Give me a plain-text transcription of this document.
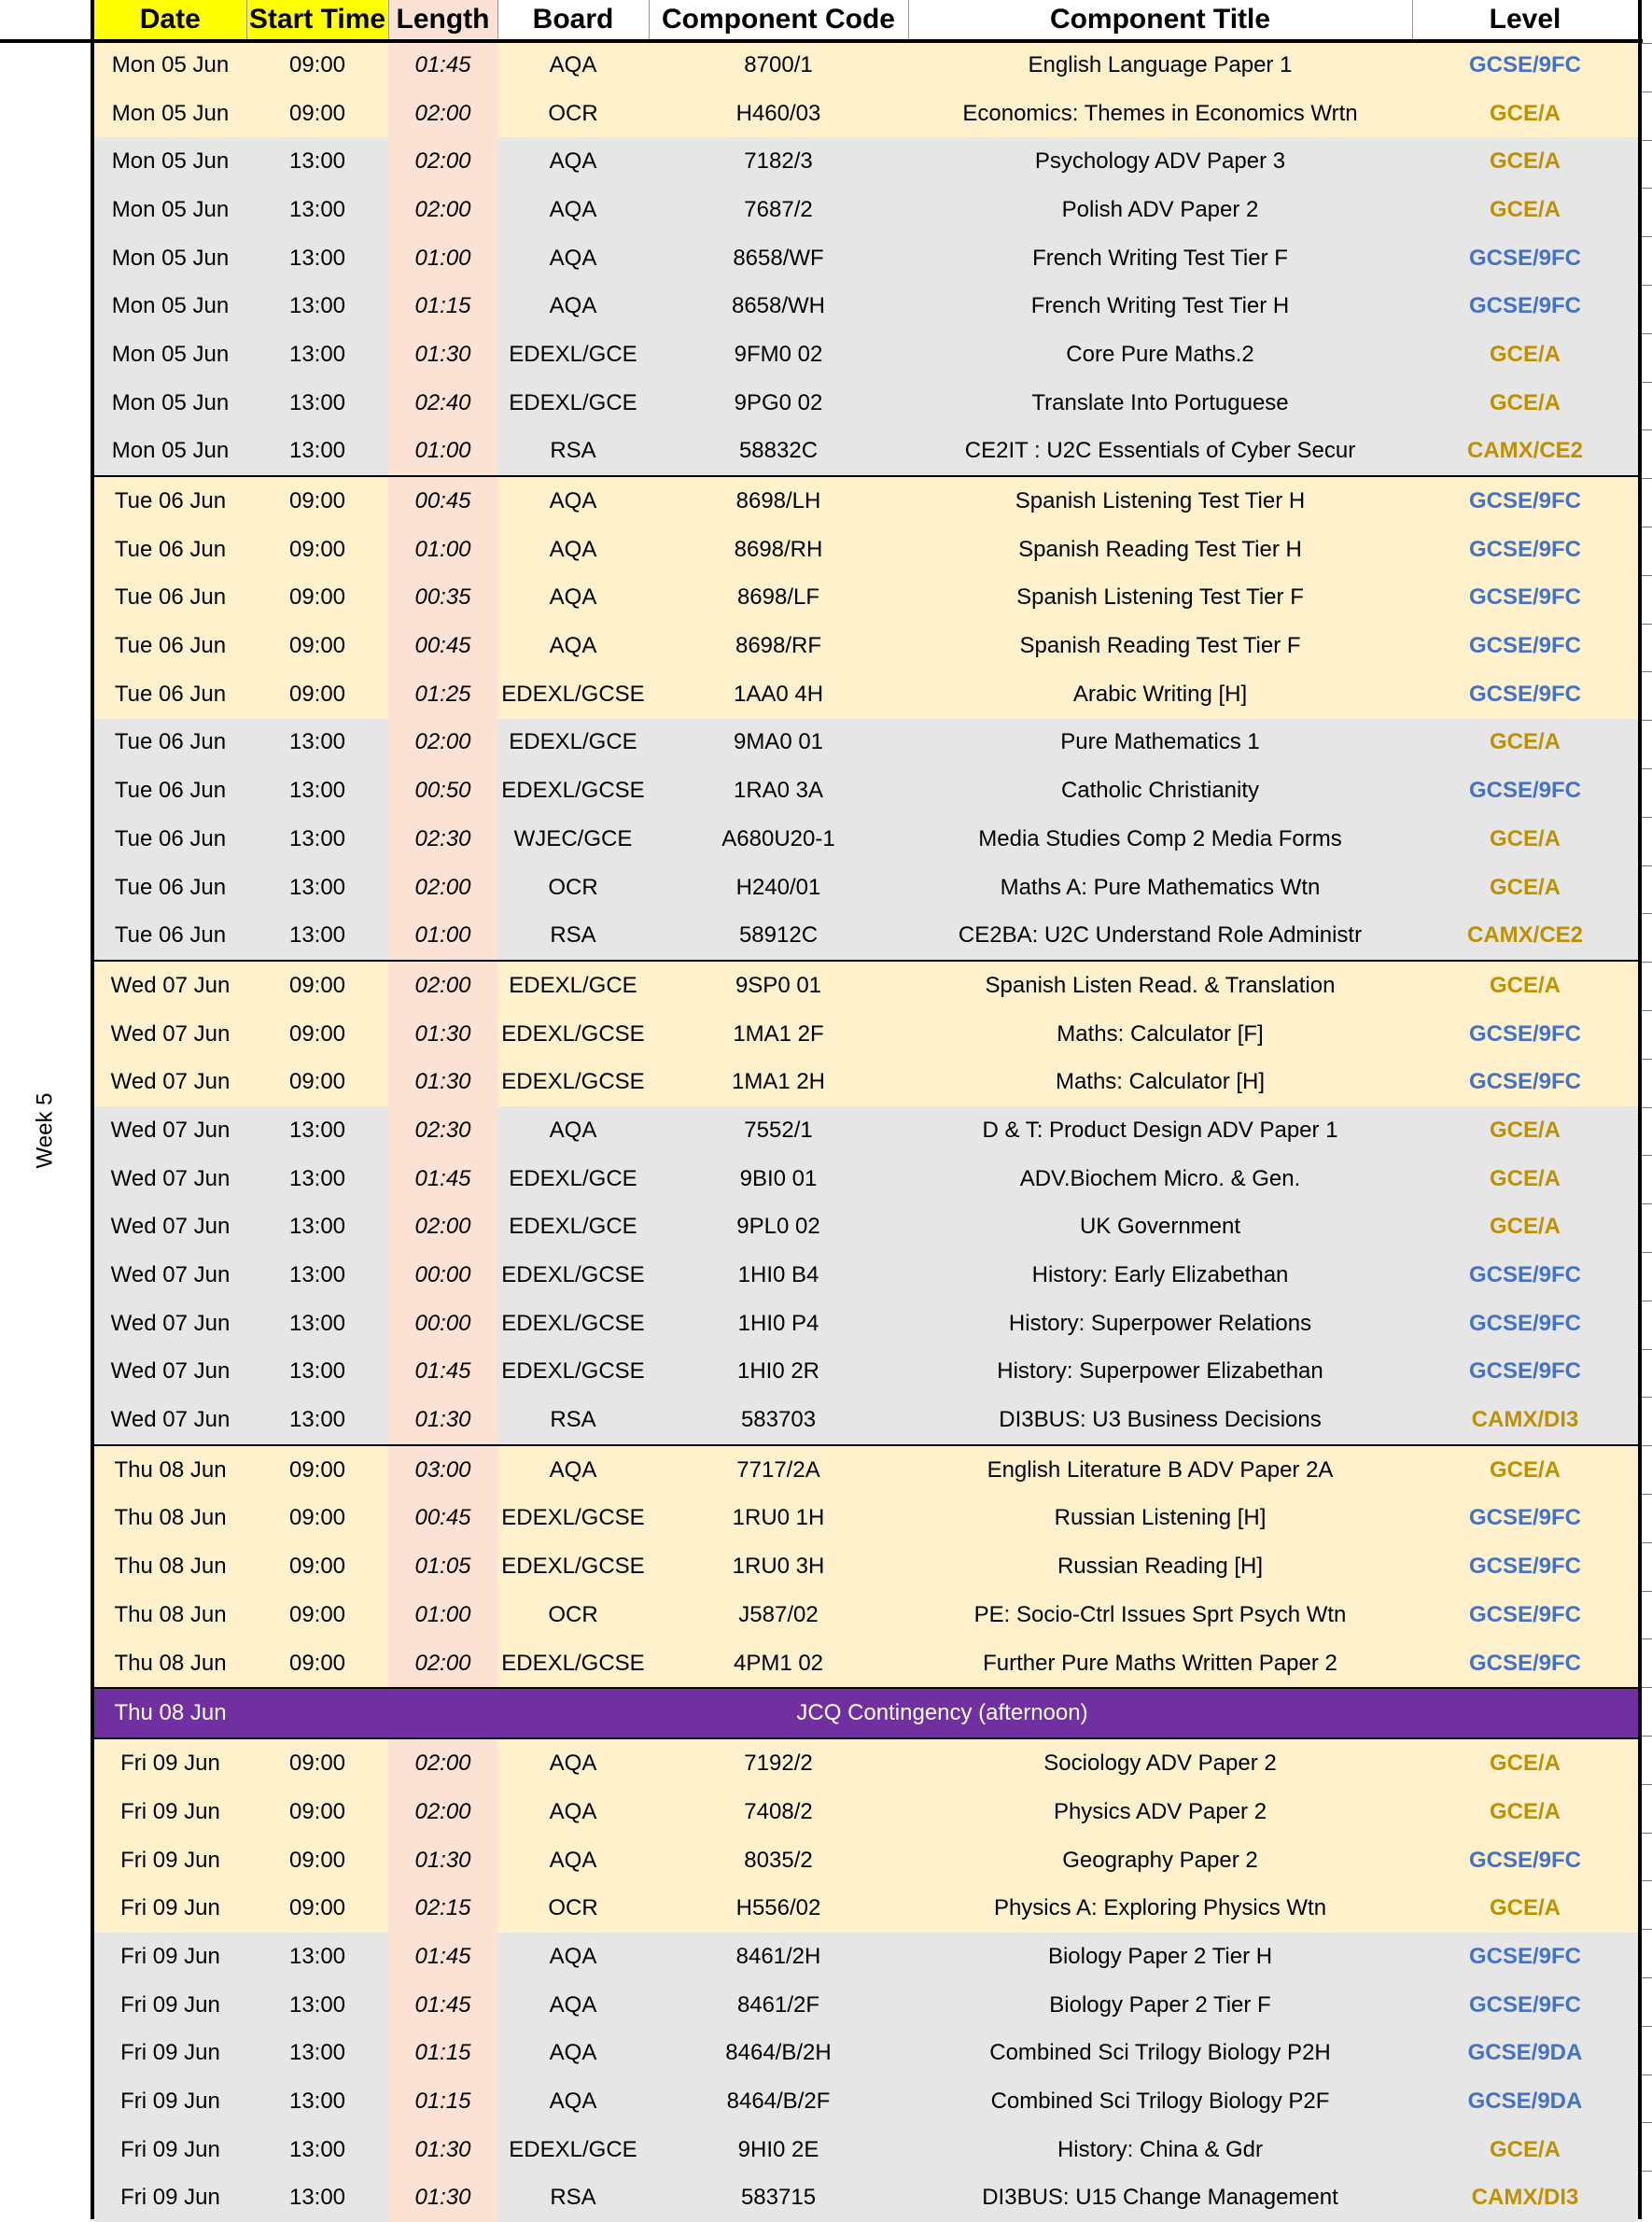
Week 5
Date	Start Time	Length	Board	Component Code	Component Title	Level
Mon 05 Jun	09:00	01:45	AQA	8700/1	English Language Paper 1	GCSE/9FC
Mon 05 Jun	09:00	02:00	OCR	H460/03	Economics: Themes in Economics Wrtn	GCE/A
Mon 05 Jun	13:00	02:00	AQA	7182/3	Psychology ADV Paper 3	GCE/A
Mon 05 Jun	13:00	02:00	AQA	7687/2	Polish ADV Paper 2	GCE/A
Mon 05 Jun	13:00	01:00	AQA	8658/WF	French Writing Test Tier F	GCSE/9FC
Mon 05 Jun	13:00	01:15	AQA	8658/WH	French Writing Test Tier H	GCSE/9FC
Mon 05 Jun	13:00	01:30	EDEXL/GCE	9FM0 02	Core Pure Maths.2	GCE/A
Mon 05 Jun	13:00	02:40	EDEXL/GCE	9PG0 02	Translate Into Portuguese	GCE/A
Mon 05 Jun	13:00	01:00	RSA	58832C	CE2IT : U2C Essentials of Cyber Secur	CAMX/CE2
Tue 06 Jun	09:00	00:45	AQA	8698/LH	Spanish Listening Test Tier H	GCSE/9FC
Tue 06 Jun	09:00	01:00	AQA	8698/RH	Spanish Reading Test Tier H	GCSE/9FC
Tue 06 Jun	09:00	00:35	AQA	8698/LF	Spanish Listening Test Tier F	GCSE/9FC
Tue 06 Jun	09:00	00:45	AQA	8698/RF	Spanish Reading Test Tier F	GCSE/9FC
Tue 06 Jun	09:00	01:25	EDEXL/GCSE	1AA0 4H	Arabic Writing [H]	GCSE/9FC
Tue 06 Jun	13:00	02:00	EDEXL/GCE	9MA0 01	Pure Mathematics 1	GCE/A
Tue 06 Jun	13:00	00:50	EDEXL/GCSE	1RA0 3A	Catholic Christianity	GCSE/9FC
Tue 06 Jun	13:00	02:30	WJEC/GCE	A680U20-1	Media Studies Comp 2 Media Forms	GCE/A
Tue 06 Jun	13:00	02:00	OCR	H240/01	Maths A: Pure Mathematics Wtn	GCE/A
Tue 06 Jun	13:00	01:00	RSA	58912C	CE2BA: U2C Understand Role Administr	CAMX/CE2
Wed 07 Jun	09:00	02:00	EDEXL/GCE	9SP0 01	Spanish Listen Read. & Translation	GCE/A
Wed 07 Jun	09:00	01:30	EDEXL/GCSE	1MA1 2F	Maths: Calculator [F]	GCSE/9FC
Wed 07 Jun	09:00	01:30	EDEXL/GCSE	1MA1 2H	Maths: Calculator [H]	GCSE/9FC
Wed 07 Jun	13:00	02:30	AQA	7552/1	D & T: Product Design ADV Paper 1	GCE/A
Wed 07 Jun	13:00	01:45	EDEXL/GCE	9BI0 01	ADV.Biochem Micro. & Gen.	GCE/A
Wed 07 Jun	13:00	02:00	EDEXL/GCE	9PL0 02	UK Government	GCE/A
Wed 07 Jun	13:00	00:00	EDEXL/GCSE	1HI0 B4	History: Early Elizabethan	GCSE/9FC
Wed 07 Jun	13:00	00:00	EDEXL/GCSE	1HI0 P4	History: Superpower Relations	GCSE/9FC
Wed 07 Jun	13:00	01:45	EDEXL/GCSE	1HI0 2R	History: Superpower Elizabethan	GCSE/9FC
Wed 07 Jun	13:00	01:30	RSA	583703	DI3BUS: U3 Business Decisions	CAMX/DI3
Thu 08 Jun	09:00	03:00	AQA	7717/2A	English Literature B ADV Paper 2A	GCE/A
Thu 08 Jun	09:00	00:45	EDEXL/GCSE	1RU0 1H	Russian Listening [H]	GCSE/9FC
Thu 08 Jun	09:00	01:05	EDEXL/GCSE	1RU0 3H	Russian Reading [H]	GCSE/9FC
Thu 08 Jun	09:00	01:00	OCR	J587/02	PE: Socio-Ctrl Issues Sprt Psych Wtn	GCSE/9FC
Thu 08 Jun	09:00	02:00	EDEXL/GCSE	4PM1 02	Further Pure Maths Written Paper 2	GCSE/9FC
Thu 08 Jun	JCQ Contingency (afternoon)					
Fri 09 Jun	09:00	02:00	AQA	7192/2	Sociology ADV Paper 2	GCE/A
Fri 09 Jun	09:00	02:00	AQA	7408/2	Physics ADV Paper 2	GCE/A
Fri 09 Jun	09:00	01:30	AQA	8035/2	Geography Paper 2	GCSE/9FC
Fri 09 Jun	09:00	02:15	OCR	H556/02	Physics A: Exploring Physics Wtn	GCE/A
Fri 09 Jun	13:00	01:45	AQA	8461/2H	Biology Paper 2 Tier H	GCSE/9FC
Fri 09 Jun	13:00	01:45	AQA	8461/2F	Biology Paper 2 Tier F	GCSE/9FC
Fri 09 Jun	13:00	01:15	AQA	8464/B/2H	Combined Sci Trilogy Biology P2H	GCSE/9DA
Fri 09 Jun	13:00	01:15	AQA	8464/B/2F	Combined Sci Trilogy Biology P2F	GCSE/9DA
Fri 09 Jun	13:00	01:30	EDEXL/GCE	9HI0 2E	History: China & Gdr	GCE/A
Fri 09 Jun	13:00	01:30	RSA	583715	DI3BUS: U15 Change Management	CAMX/DI3
